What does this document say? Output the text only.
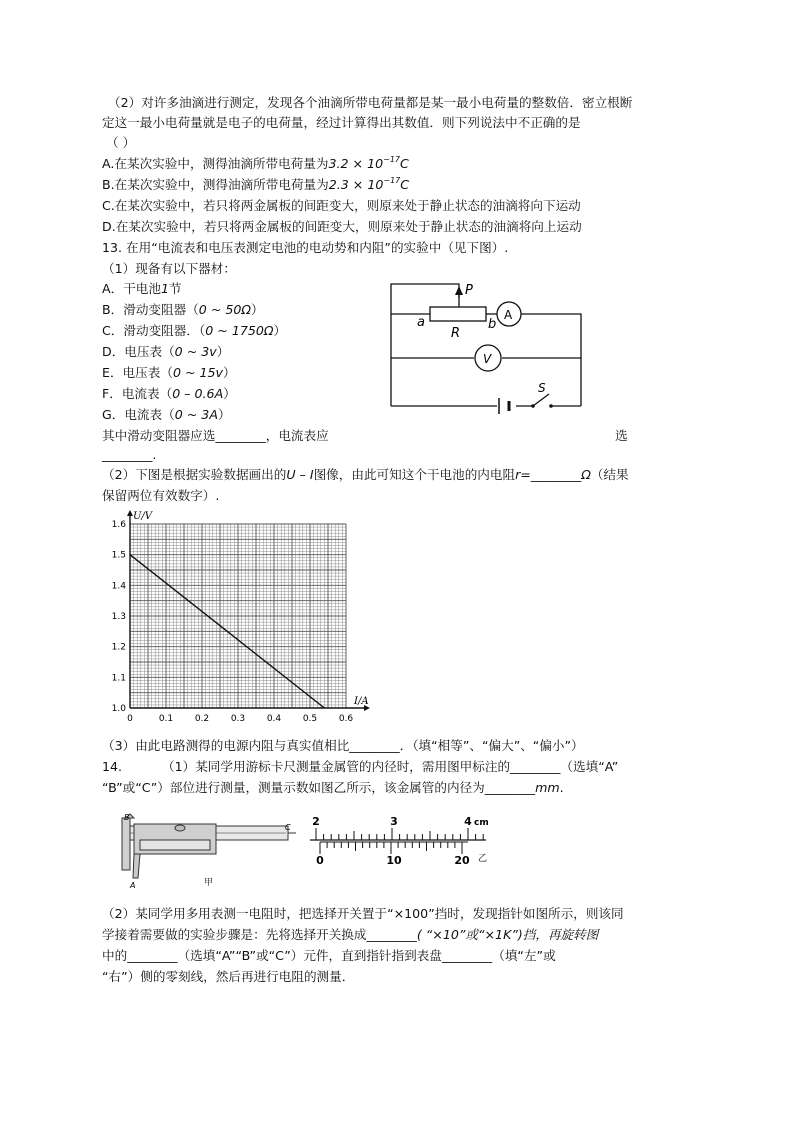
（2）对许多油滴进行测定，发现各个油滴所带电荷量都是某一最小电荷量的整数倍．密立根断
定这一最小电荷量就是电子的电荷量，经过计算得出其数值．则下列说法中不正确的是
（ ）
A.在某次实验中，测得油滴所带电荷量为$3.2 \times 10^{-17}C$
B.在某次实验中，测得油滴所带电荷量为$2.3 \times 10^{-17}C$
C.在某次实验中，若只将两金属板的间距变大，则原来处于静止状态的油滴将向下运动
D.在某次实验中，若只将两金属板的间距变大，则原来处于静止状态的油滴将向上运动
13. 在用“电流表和电压表测定电池的电动势和内阻”的实验中（见下图）.
（1）现备有以下器材：
A．干电池1节
B．滑动变阻器（0 ~ 50Ω）
C．滑动变阻器．（0 ~ 1750Ω）
D．电压表（0 ~ 3v）
E．电压表（0 ~ 15v）
F．电流表（0 – 0.6A）
G．电流表（0 ~ 3A）
P
a
R
b
A
V
S
其中滑动变阻器应选________，电流表应	选
________.
（2）下图是根据实验数据画出的U – I图像，由此可知这个干电池的内电阻r=________Ω（结果
保留两位有效数字）.
0	0.1 0.2 0.3 0.4 0.5 0.6
1.0
1.1
1.2
1.3
1.4
1.5
1.6
U/V
I/A
（3）由此电路测得的电源内阻与真实值相比________．（填“相等”、“偏大”、“偏小”）
14.	（1）某同学用游标卡尺测量金属管的内径时，需用图甲标注的________（选填“A”
“B”或“C”）部位进行测量，测量示数如图乙所示，该金属管的内径为________mm.
B
C
A	甲
2	3	4 cm
0	10	20 乙
（2）某同学用多用表测一电阻时，把选择开关置于“×100”挡时，发现指针如图所示，则该同
学接着需要做的实验步骤是：先将选择开关换成________( “×10”或“×1K”)挡，再旋转图
中的________（选填“A”“B”或“C”）元件，直到指针指到表盘________（填“左”或
“右”）侧的零刻线，然后再进行电阻的测量．
